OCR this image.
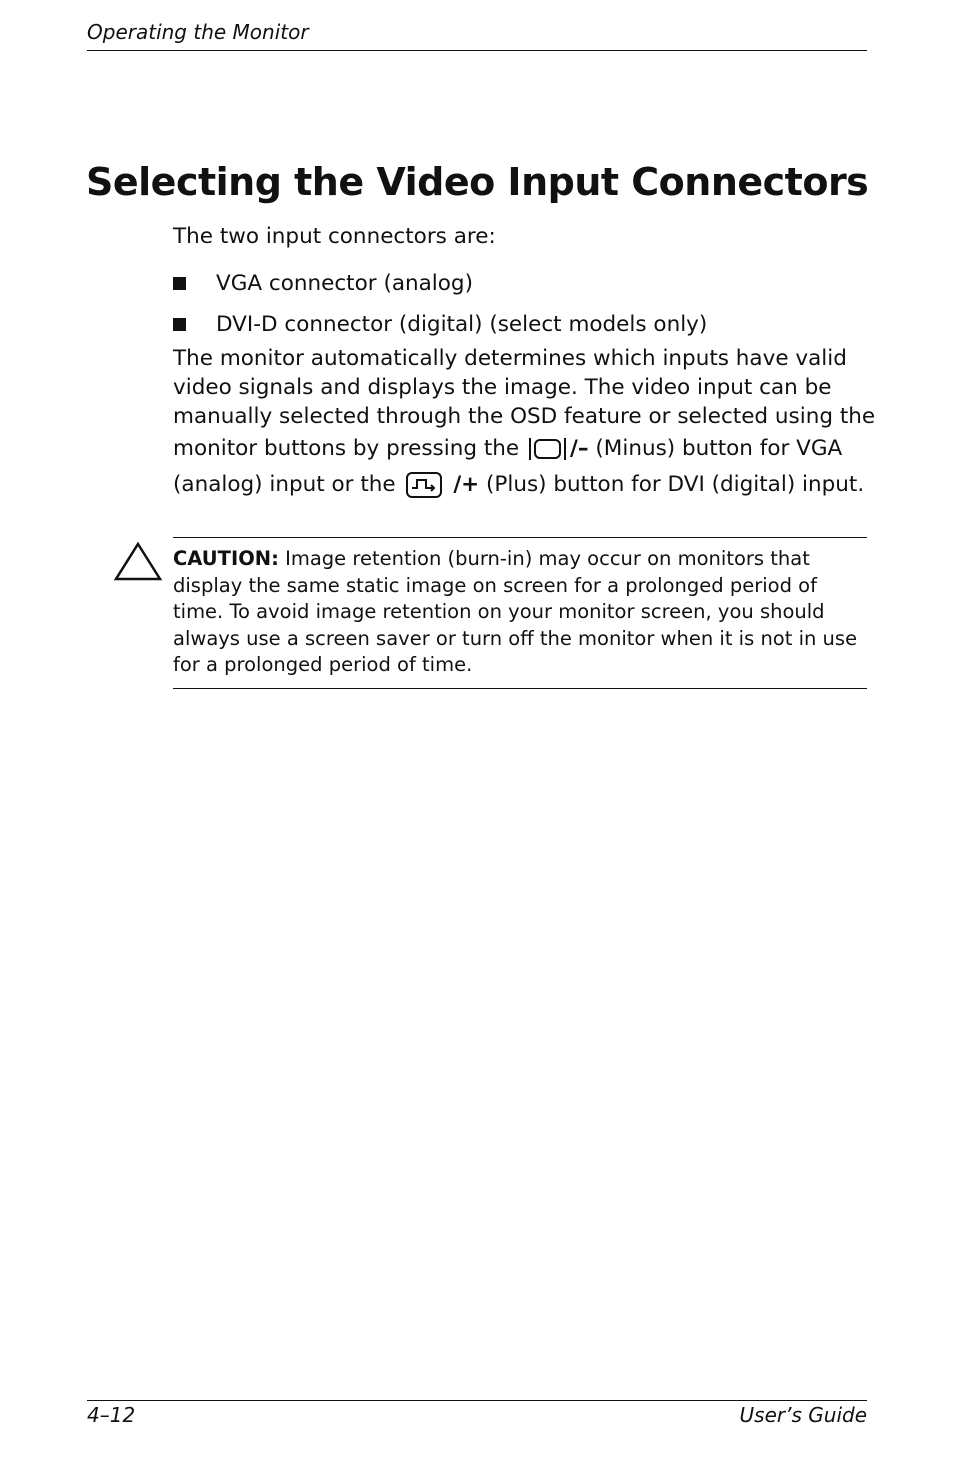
Operating the Monitor
Selecting the Video Input Connectors
The two input connectors are:
VGA connector (analog)
DVI-D connector (digital) (select models only)
The monitor automatically determines which inputs have valid
video signals and displays the image. The video input can be
manually selected through the OSD feature or selected using the
monitor buttons by pressing the /– (Minus) button for VGA
(analog) input or the	/+ (Plus) button for DVI (digital) input.
CAUTION: Image retention (burn-in) may occur on monitors that
display the same static image on screen for a prolonged period of
time. To avoid image retention on your monitor screen, you should
always use a screen saver or turn off the monitor when it is not in use
for a prolonged period of time.
4–12	User’s Guide
